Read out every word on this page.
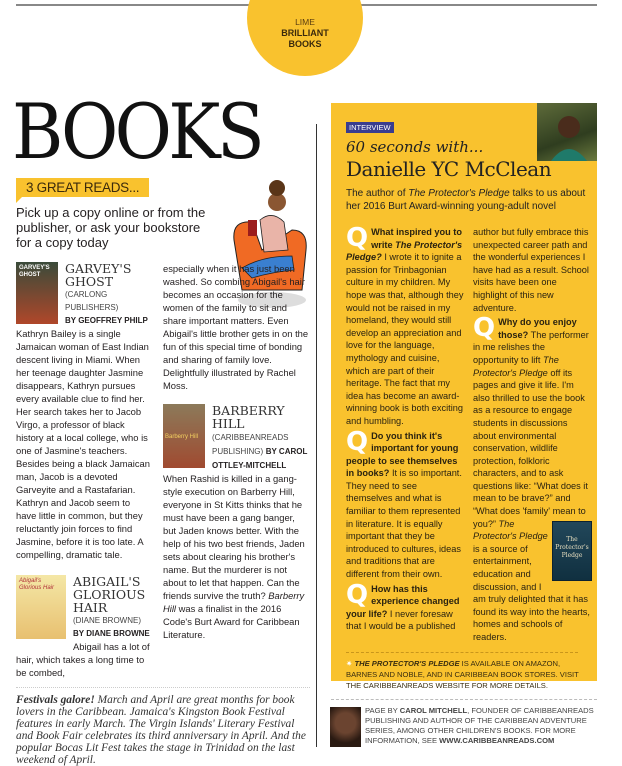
LIME
BRILLIANT
BOOKS
BOOKS
3 GREAT READS...
Pick up a copy online or from the publisher, or ask your bookstore for a copy today
GARVEY'S GHOST	GARVEY'S GHOST
(CARLONG PUBLISHERS)
BY GEOFFREY PHILP
Kathryn Bailey is a single Jamaican woman of East Indian descent living in Miami. When her teenage daughter Jasmine disappears, Kathryn pursues every available clue to find her. Her search takes her to Jacob Virgo, a professor of black history at a local college, who is one of Jasmine's teachers. Besides being a black Jamaican man, Jacob is a devoted Garveyite and a Rastafarian. Kathryn and Jacob seem to have little in common, but they reluctantly join forces to find Jasmine, before it is too late. A compelling, dramatic tale.
Abigail's Glorious Hair	ABIGAIL'S GLORIOUS HAIR
(DIANE BROWNE)
BY DIANE BROWNE
Abigail has a lot of hair, which takes a long time to be combed,
especially when it has just been washed. So combing Abigail's hair becomes an occasion for the women of the family to sit and share important matters. Even Abigail's little brother gets in on the fun of this special time of bonding and sharing of family love. Delightfully illustrated by Rachel Moss.
Barberry Hill
BARBERRY HILL
(CARIBBEANREADS PUBLISHING) BY CAROL OTTLEY-MITCHELL
When Rashid is killed in a gang-style execution on Barberry Hill, everyone in St Kitts thinks that he must have been a gang banger, but Jaden knows better. With the help of his two best friends, Jaden sets about clearing his brother's name. But the murderer is not about to let that happen. Can the friends survive the truth? Barberry Hill was a finalist in the 2016 Code's Burt Award for Caribbean Literature.
Festivals galore! March and April are great months for book lovers in the Caribbean. Jamaica's Kingston Book Festival features in early March. The Virgin Islands' Literary Festival and Book Fair celebrates its third anniversary in April. And the popular Bocas Lit Fest takes the stage in Trinidad on the last weekend of April.
INTERVIEW
60 seconds with...
Danielle YC McClean
The author of The Protector's Pledge talks to us about her 2016 Burt Award-winning young-adult novel
Q What inspired you to write The Protector's Pledge? I wrote it to ignite a passion for Trinbagonian culture in my children. My hope was that, although they would not be raised in my homeland, they would still develop an appreciation and love for the language, mythology and cuisine, which are part of their heritage. The fact that my idea has become an award-winning book is both exciting and humbling.
Q Do you think it's important for young people to see themselves in books? It is so important. They need to see themselves and what is familiar to them represented in literature. It is equally important that they be introduced to cultures, ideas and traditions that are different from their own.
Q How has this experience changed your life? I never foresaw that I would be a published author but fully embrace this unexpected career path and the wonderful experiences I have had as a result. School visits have been one highlight of this new adventure.
Q Why do you enjoy those? The performer in me relishes the opportunity to lift The Protector's Pledge off its pages and give it life. I'm also thrilled to use the book as a resource to engage students in discussions about environmental conservation, wildlife protection, folkloric characters, and to ask questions like: “What does it mean to be brave?” and “What does 'family' mean to you?”
The Protector's Pledge
The Protector's Pledge is a source of entertainment, education and discussion, and I am truly delighted that it has found its way into the hearts, homes and schools of readers.
✷ THE PROTECTOR'S PLEDGE IS AVAILABLE ON AMAZON, BARNES AND NOBLE, AND IN CARIBBEAN BOOK STORES. VISIT THE CARIBBEANREADS WEBSITE FOR MORE DETAILS.
PAGE BY CAROL MITCHELL, FOUNDER OF CARIBBEANREADS PUBLISHING AND AUTHOR OF THE CARIBBEAN ADVENTURE SERIES, AMONG OTHER CHILDREN'S BOOKS. FOR MORE INFORMATION, SEE WWW.CARIBBEANREADS.COM
